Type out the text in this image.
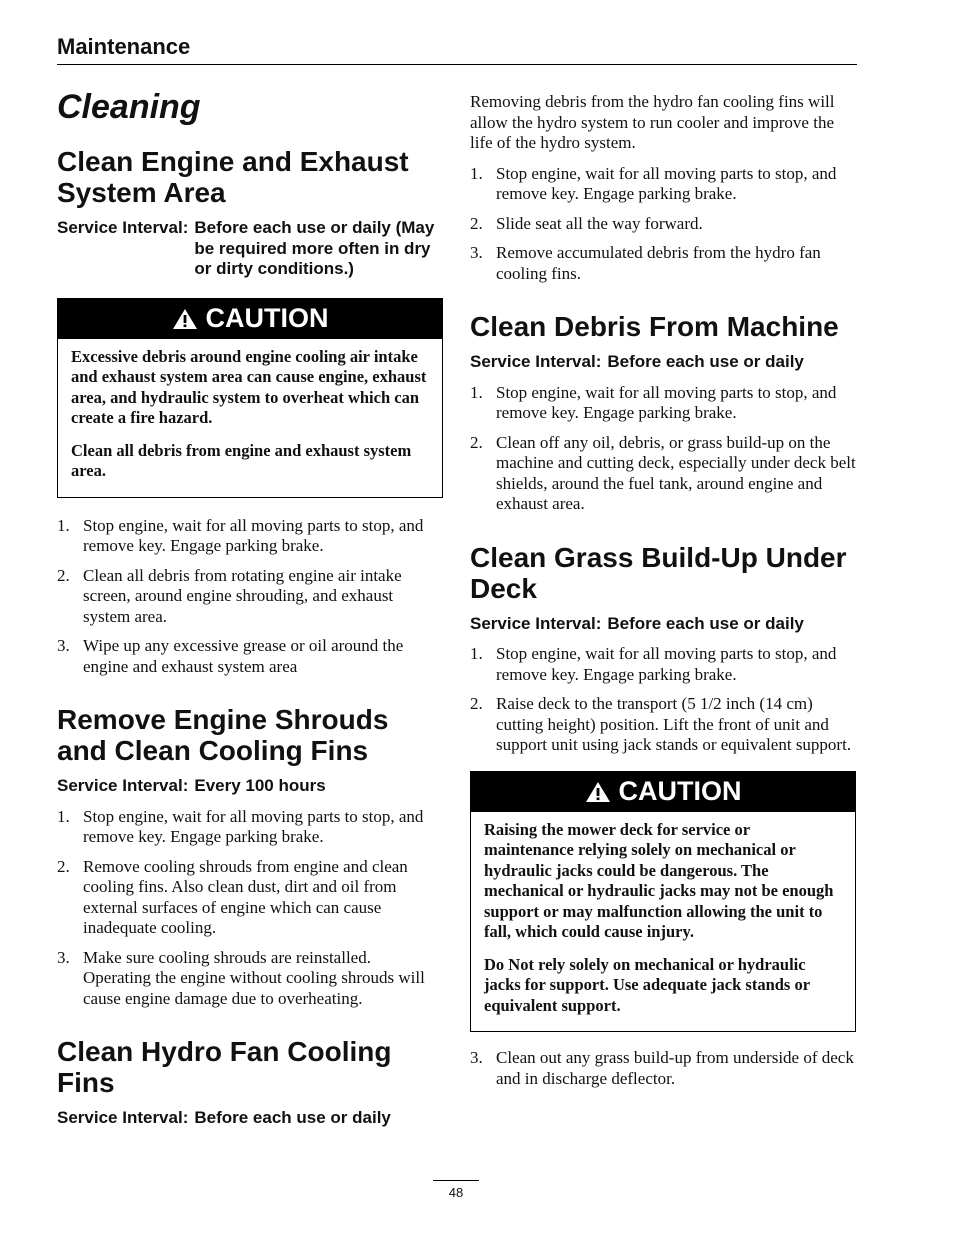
Maintenance
Cleaning
Clean Engine and Exhaust System Area
Service Interval: Before each use or daily (May be required more often in dry or dirty conditions.)
CAUTION

Excessive debris around engine cooling air intake and exhaust system area can cause engine, exhaust area, and hydraulic system to overheat which can create a fire hazard.

Clean all debris from engine and exhaust system area.

1. Stop engine, wait for all moving parts to stop, and remove key. Engage parking brake.
2. Clean all debris from rotating engine air intake screen, around engine shrouding, and exhaust system area.
3. Wipe up any excessive grease or oil around the engine and exhaust system area
Remove Engine Shrouds and Clean Cooling Fins
Service Interval: Every 100 hours
1. Stop engine, wait for all moving parts to stop, and remove key. Engage parking brake.
2. Remove cooling shrouds from engine and clean cooling fins. Also clean dust, dirt and oil from external surfaces of engine which can cause inadequate cooling.
3. Make sure cooling shrouds are reinstalled. Operating the engine without cooling shrouds will cause engine damage due to overheating.
Clean Hydro Fan Cooling Fins
Service Interval: Before each use or daily

Removing debris from the hydro fan cooling fins will allow the hydro system to run cooler and improve the life of the hydro system.

1. Stop engine, wait for all moving parts to stop, and remove key. Engage parking brake.
2. Slide seat all the way forward.
3. Remove accumulated debris from the hydro fan cooling fins.
Clean Debris From Machine
Service Interval: Before each use or daily
1. Stop engine, wait for all moving parts to stop, and remove key. Engage parking brake.
2. Clean off any oil, debris, or grass build-up on the machine and cutting deck, especially under deck belt shields, around the fuel tank, around engine and exhaust area.
Clean Grass Build-Up Under Deck
Service Interval: Before each use or daily
1. Stop engine, wait for all moving parts to stop, and remove key. Engage parking brake.
2. Raise deck to the transport (5 1/2 inch (14 cm) cutting height) position. Lift the front of unit and support unit using jack stands or equivalent support.
CAUTION

Raising the mower deck for service or maintenance relying solely on mechanical or hydraulic jacks could be dangerous. The mechanical or hydraulic jacks may not be enough support or may malfunction allowing the unit to fall, which could cause injury.

Do Not rely solely on mechanical or hydraulic jacks for support. Use adequate jack stands or equivalent support.

3. Clean out any grass build-up from underside of deck and in discharge deflector.
48
